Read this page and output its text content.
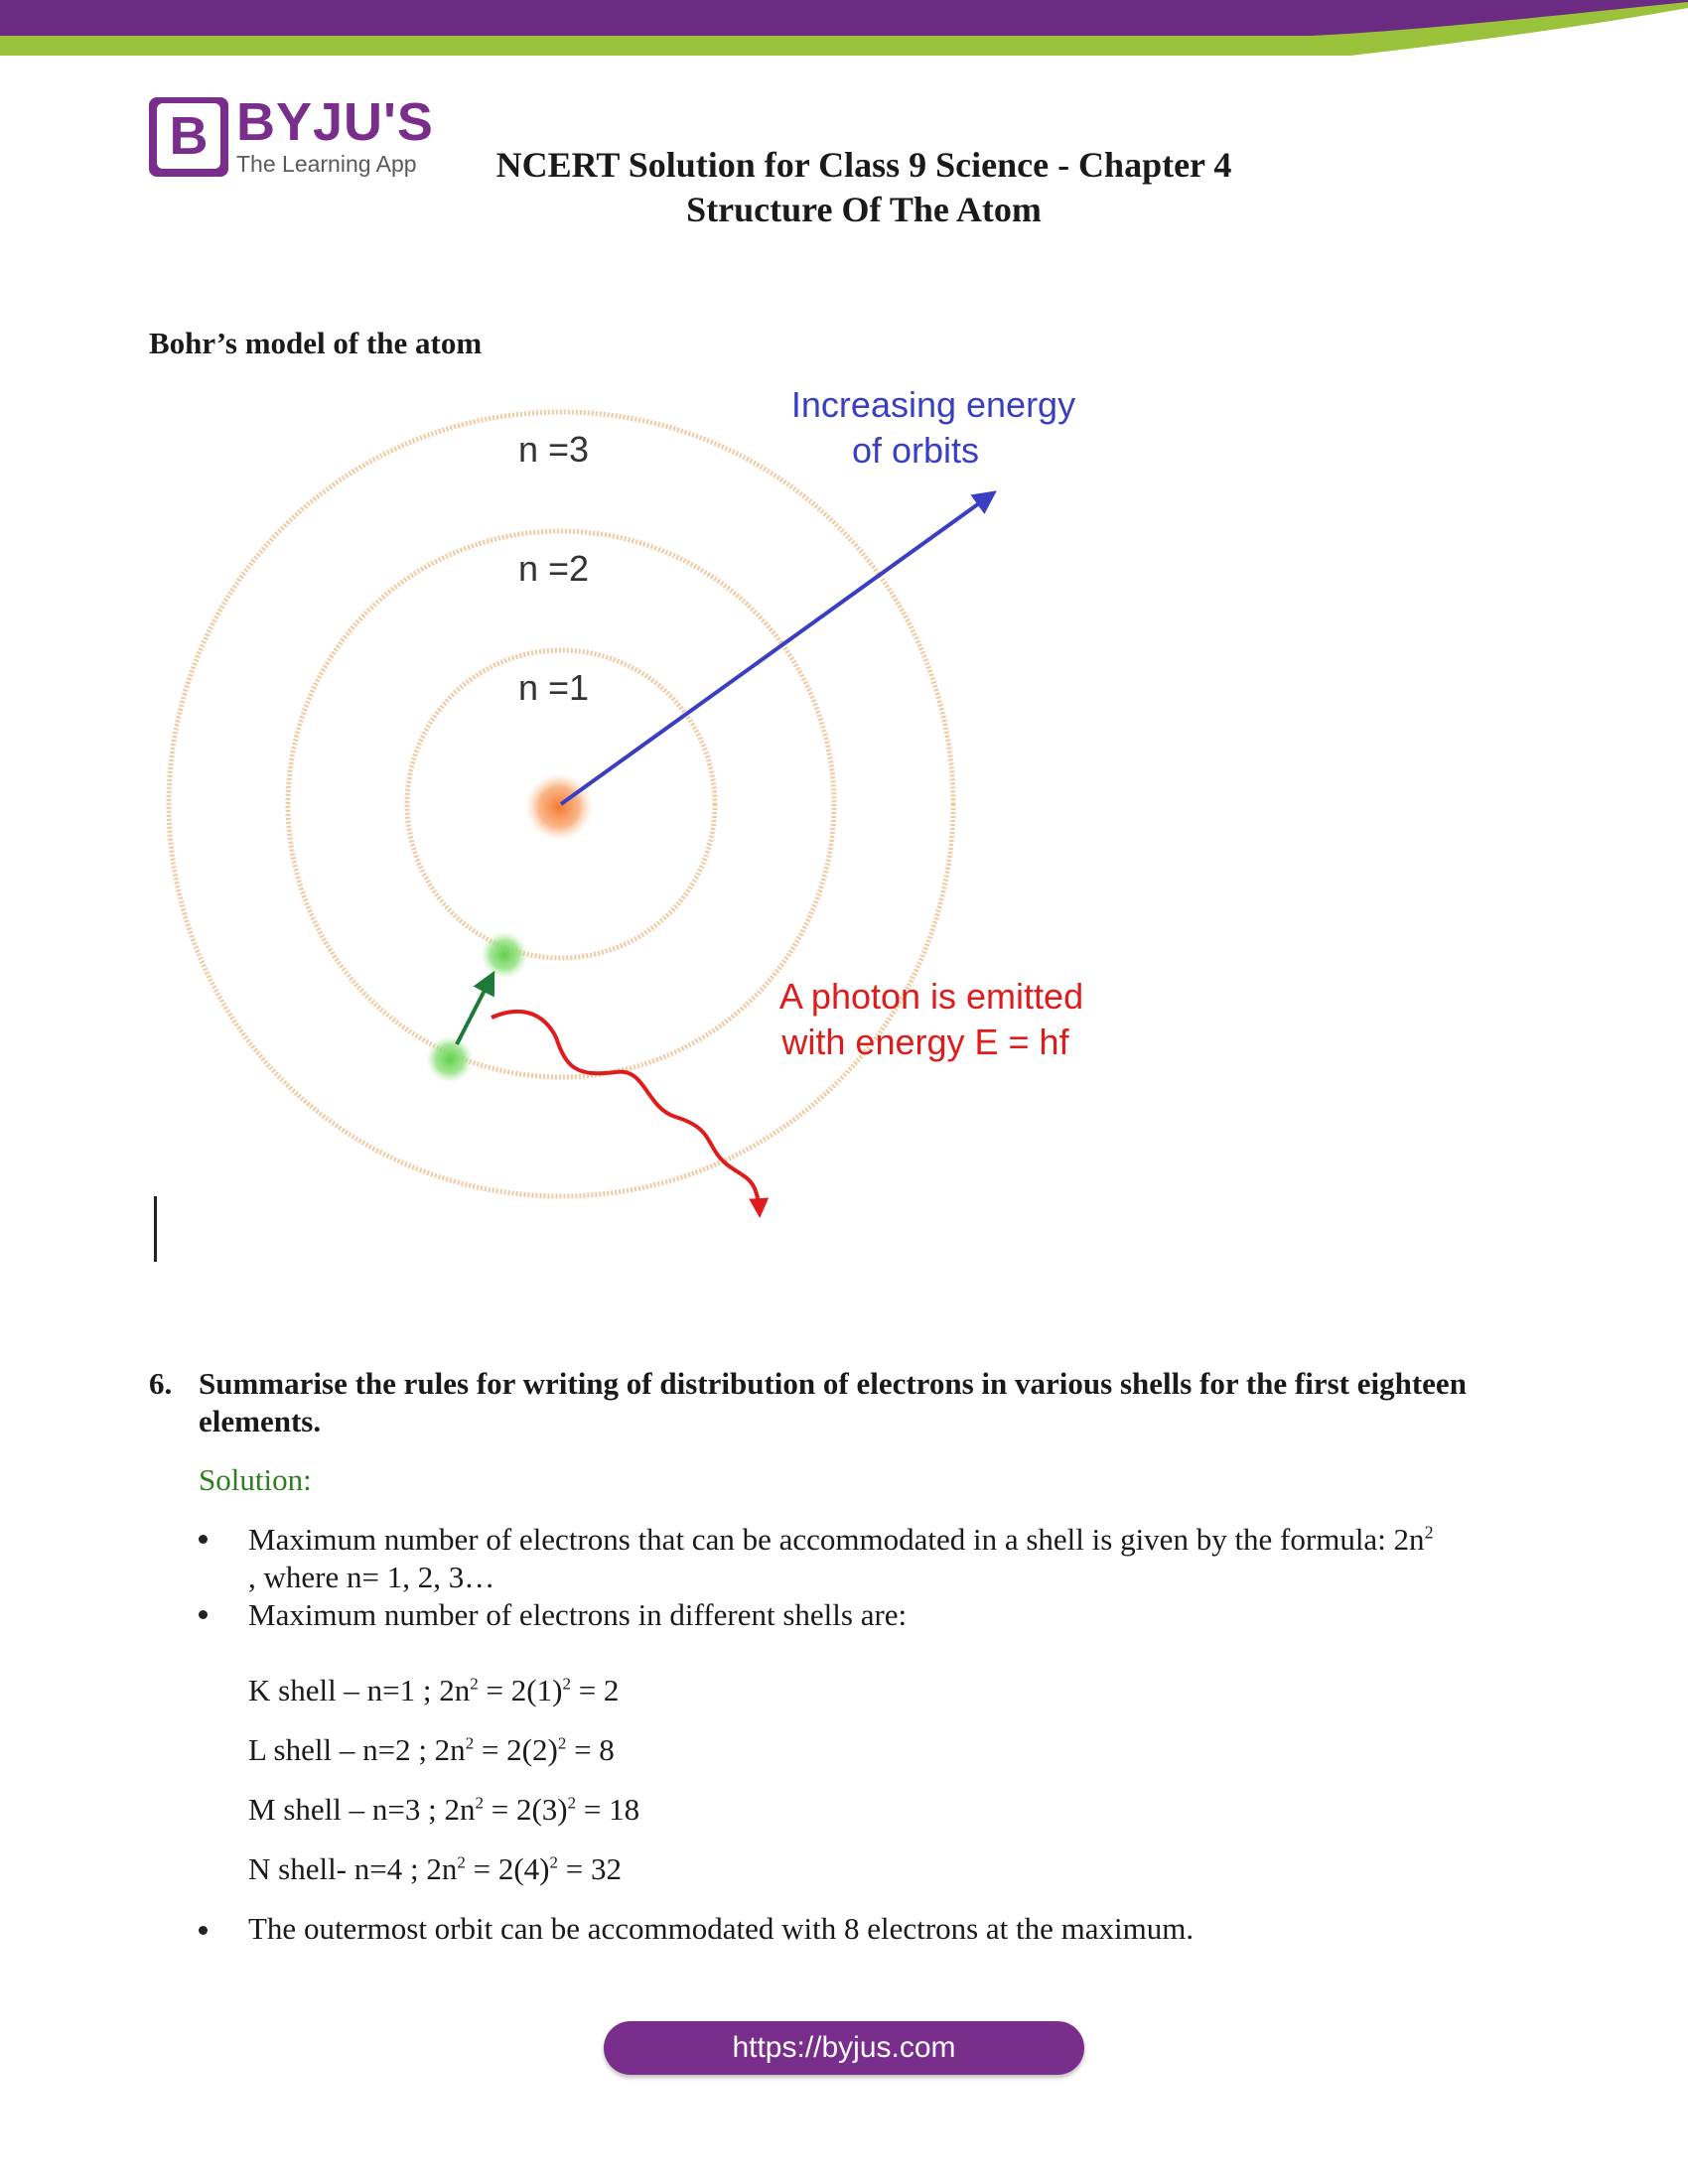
B BYJU'S
The Learning App	NCERT Solution for Class 9 Science - Chapter 4
Structure Of The Atom
Bohr’s model of the atom
n =3
n =2
n =1
Increasing energy
of orbits
A photon is emitted
with energy E = hf
6. Summarise the rules for writing of distribution of electrons in various shells for the first eighteen elements.
Solution:
Maximum number of electrons that can be accommodated in a shell is given by the formula: $2n^2$
, where n= 1, 2, 3…
Maximum number of electrons in different shells are:
K shell – n=1 ; $2n^2 = 2(1)^2 = 2$
L shell – n=2 ; $2n^2 = 2(2)^2 = 8$
M shell – n=3 ; $2n^2 = 2(3)^2 = 18$
N shell- n=4 ; $2n^2 = 2(4)^2 = 32$
The outermost orbit can be accommodated with 8 electrons at the maximum.
https://byjus.com
